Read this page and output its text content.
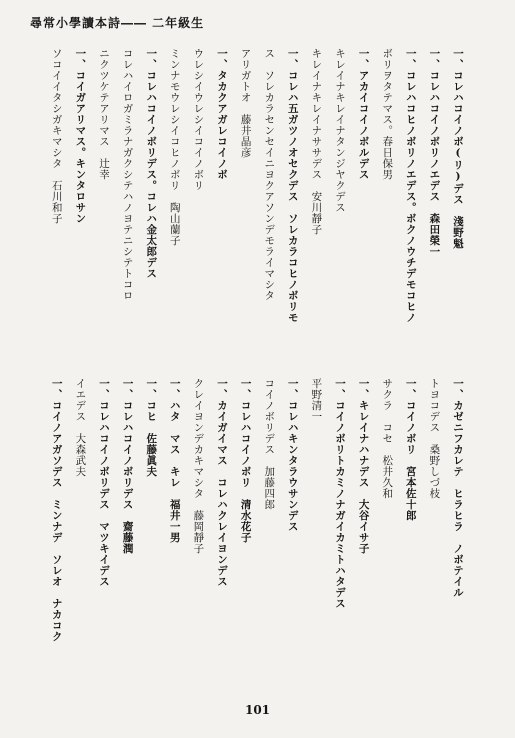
尋常小學讀本詩―― 二年級生
一、コレハコイノボ(リ)デス　淺野魁
一、コレハコイノボリノエデス　森田榮一
一、コレハコヒノボリノエデス。ボクノウチデモコヒノ
ボリヲタテマス。春日保男
一、アカイコイノボルデス
キレイナキレイナタンジヤクデス
キレイナキレイナササデス　安川靜子
一、コレハ五ガツノオセクデス　ソレカラコヒノボリモ
ス　ソレカラセンセイニヨクアソンデモライマシタ
アリガトオ　藤井晶彦
一、タカクアガレコイノボ
ウレシイウレシイコイノボリ
ミンナモウレシイコヒノボリ　陶山蘭子
一、コレハコイノボリデス。コレハ金太郎デス
コレハイロガミラナガクシテハノヨテニシテトコロ
ニクツケテアリマス　辻幸
一、コイガアリマス。キンタロサン
ソコイイタシガキマシタ　石川和子
一、カゼニフカレテ　ヒラヒラ　ノボテイル
トヨコデス　桑野しづ枝
一、コイノボリ　宮本佐十郎
サクラ　コセ　松井久和
一、キレイナハナデス　大谷イサ子
一、コイノボリトカミノナガイカミトハタデス
平野清一
一、コレハキンタラウサンデス
コイノボリデス　加藤四郎
一、コレハコイノボリ　清水花子
一、カイガイマス　コレハクレイヨンデス
クレイヨンデカキマシタ　藤岡靜子
一、ハタ　マス　キレ　福井一男
一、コヒ　佐藤眞夫
一、コレハコイノボリデス　齋藤潤
一、コレハコイノボリデス　マツキイデス
イエデス　大森武夫
一、コイノアガソデス　ミンナデ　ソレオ　ナカコク
101
